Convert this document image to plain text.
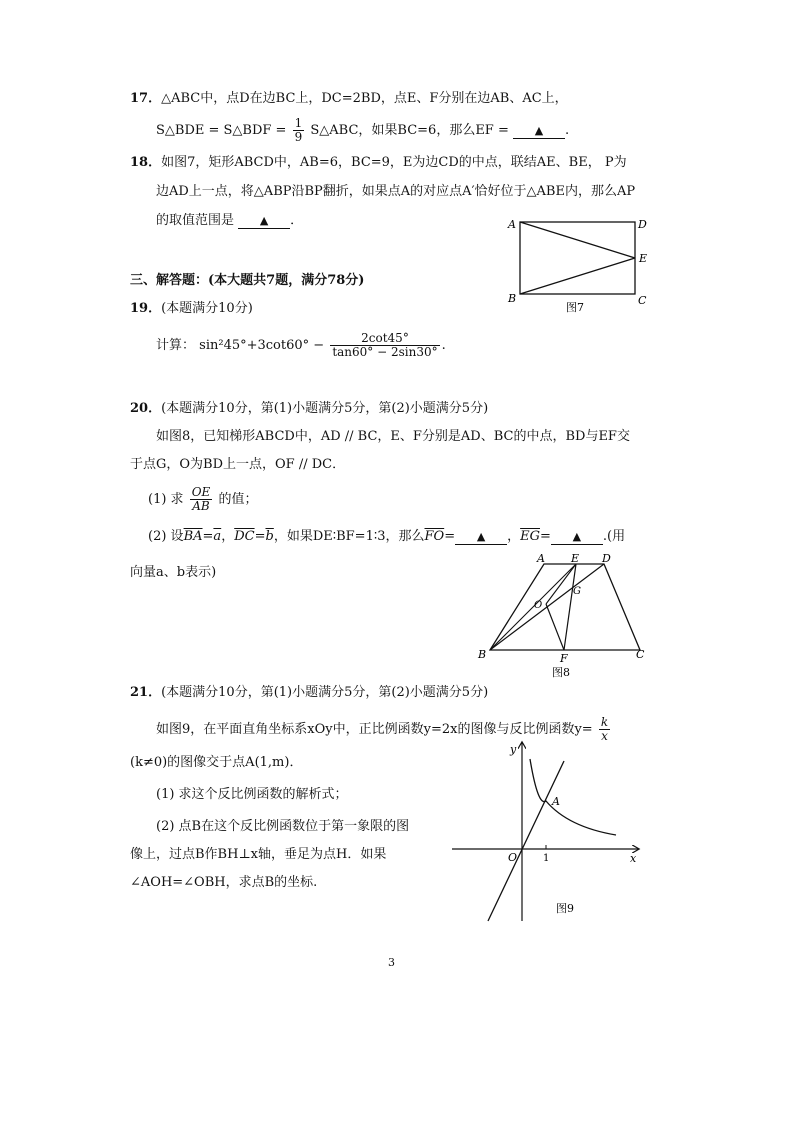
17．△ABC中，点D在边BC上，DC=2BD，点E、F分别在边AB、AC上，
S△BDE = S△BDF = $\frac{1}{9}$ S△ABC，如果BC=6，那么EF = ▲ .
18．如图7，矩形ABCD中，AB=6，BC=9，E为边CD的中点，联结AE、BE， P为
边AD上一点，将△ABP沿BP翻折，如果点A的对应点A′恰好位于△ABE内，那么AP
的取值范围是 ▲ ．	A	D
E
B	C
图7
三、解答题：(本大题共7题，满分78分)
19．(本题满分10分)
计算： $\sin^245^\circ+3\cot 60^\circ - \frac{2\cot 45^\circ}{\tan 60^\circ - 2\sin 30^\circ}$ .
20．(本题满分10分，第(1)小题满分5分，第(2)小题满分5分)
如图8，已知梯形ABCD中，AD // BC，E、F分别是AD、BC的中点，BD与EF交
于点G，O为BD上一点，OF // DC．
(1) 求 $\frac{OE}{AB}$ 的值；
(2) 设$\overline{BA}=\overline{a}$，$\overline{DC}=\overline{b}$，如果DE∶BF=1∶3，那么$\overline{FO}=$ ▲ ，$\overline{EG}=$ ▲ .(用
向量a、b表示)
A E D
O
G
B	F	C
图8
21．(本题满分10分，第(1)小题满分5分，第(2)小题满分5分)
如图9，在平面直角坐标系xOy中，正比例函数y=2x的图像与反比例函数$y= \frac{k}{x}$
(k≠0)的图像交于点A(1,m)．
(1) 求这个反比例函数的解析式；
(2) 点B在这个反比例函数位于第一象限的图
像上，过点B作BH⊥x轴，垂足为点H．如果
∠AOH=∠OBH，求点B的坐标.
y
x
O	1
A
图9
3
